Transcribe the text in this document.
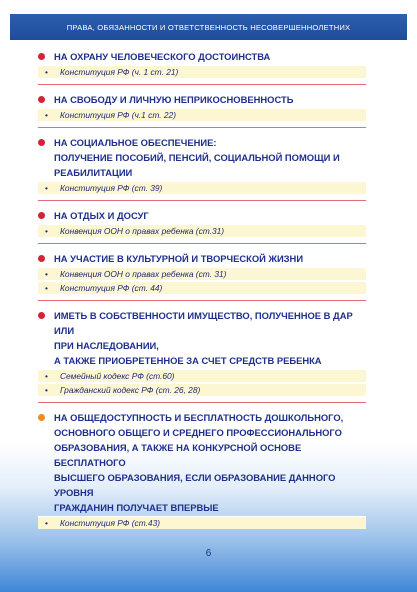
ПРАВА, ОБЯЗАННОСТИ И ОТВЕТСТВЕННОСТЬ НЕСОВЕРШЕННОЛЕТНИХ
НА ОХРАНУ ЧЕЛОВЕЧЕСКОГО ДОСТОИНСТВА
• Конституция РФ (ч. 1 ст. 21)
НА СВОБОДУ И ЛИЧНУЮ НЕПРИКОСНОВЕННОСТЬ
• Конституция РФ (ч.1 ст. 22)
НА СОЦИАЛЬНОЕ ОБЕСПЕЧЕНИЕ:
ПОЛУЧЕНИЕ ПОСОБИЙ, ПЕНСИЙ, СОЦИАЛЬНОЙ ПОМОЩИ И
РЕАБИЛИТАЦИИ
• Конституция РФ (ст. 39)
НА ОТДЫХ И ДОСУГ
• Конвенция ООН о правах ребенка (ст.31)
НА УЧАСТИЕ В КУЛЬТУРНОЙ И ТВОРЧЕСКОЙ ЖИЗНИ
• Конвенция ООН о правах ребенка (ст. 31)
• Конституция РФ (ст. 44)
ИМЕТЬ В СОБСТВЕННОСТИ ИМУЩЕСТВО, ПОЛУЧЕННОЕ В ДАР ИЛИ
ПРИ НАСЛЕДОВАНИИ,
А ТАКЖЕ ПРИОБРЕТЕННОЕ ЗА СЧЕТ СРЕДСТВ РЕБЕНКА
• Семейный кодекс РФ (ст.60)
• Гражданский кодекс РФ (ст. 26, 28)
НА ОБЩЕДОСТУПНОСТЬ И БЕСПЛАТНОСТЬ ДОШКОЛЬНОГО,
ОСНОВНОГО ОБЩЕГО И СРЕДНЕГО ПРОФЕССИОНАЛЬНОГО
ОБРАЗОВАНИЯ, А ТАКЖЕ НА КОНКУРСНОЙ ОСНОВЕ БЕСПЛАТНОГО
ВЫСШЕГО ОБРАЗОВАНИЯ, ЕСЛИ ОБРАЗОВАНИЕ ДАННОГО УРОВНЯ
ГРАЖДАНИН ПОЛУЧАЕТ ВПЕРВЫЕ
• Конституция РФ (ст.43)
6
